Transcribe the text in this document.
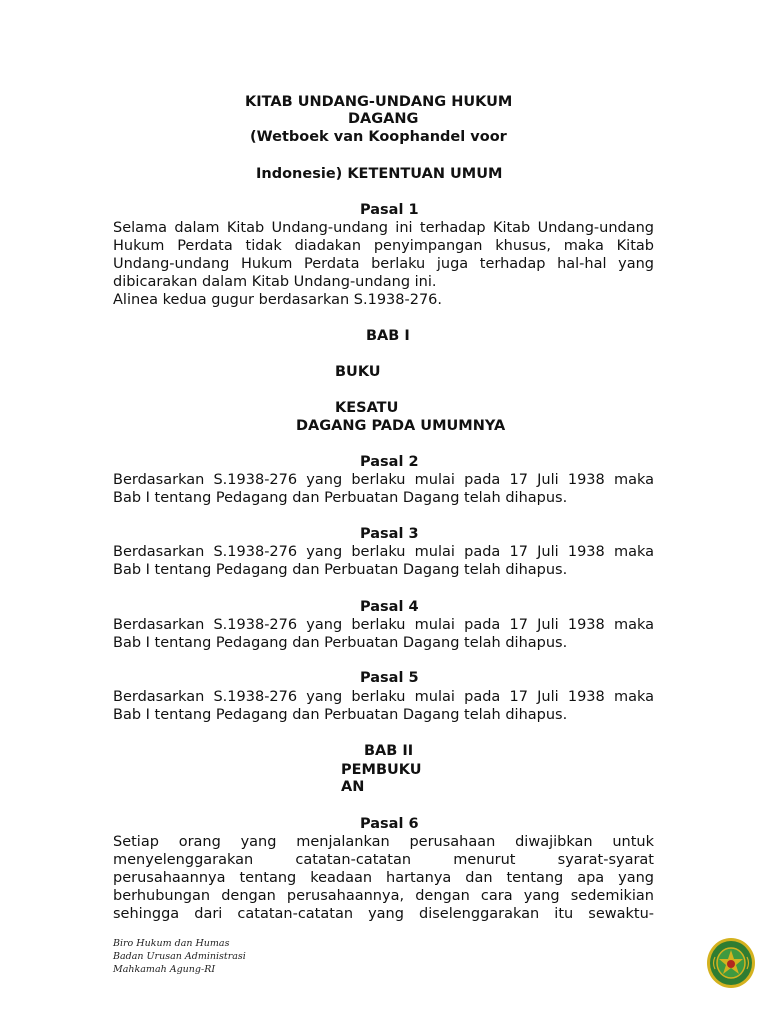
KITAB UNDANG-UNDANG HUKUM
DAGANG
(Wetboek van Koophandel voor
Indonesie) KETENTUAN UMUM
Pasal 1
Selama dalam Kitab Undang-undang ini terhadap Kitab Undang-undang
Hukum Perdata tidak diadakan penyimpangan khusus, maka Kitab
Undang-undang Hukum Perdata berlaku juga terhadap hal-hal yang
dibicarakan dalam Kitab Undang-undang ini.
Alinea kedua gugur berdasarkan S.1938-276.
BAB I
BUKU
KESATU
DAGANG PADA UMUMNYA
Pasal 2
Berdasarkan S.1938-276 yang berlaku mulai pada 17 Juli 1938 maka
Bab I tentang Pedagang dan Perbuatan Dagang telah dihapus.
Pasal 3
Berdasarkan S.1938-276 yang berlaku mulai pada 17 Juli 1938 maka
Bab I tentang Pedagang dan Perbuatan Dagang telah dihapus.
Pasal 4
Berdasarkan S.1938-276 yang berlaku mulai pada 17 Juli 1938 maka
Bab I tentang Pedagang dan Perbuatan Dagang telah dihapus.
Pasal 5
Berdasarkan S.1938-276 yang berlaku mulai pada 17 Juli 1938 maka
Bab I tentang Pedagang dan Perbuatan Dagang telah dihapus.
BAB II
PEMBUKU
AN
Pasal 6
Setiap orang yang menjalankan perusahaan diwajibkan untuk
menyelenggarakan catatan-catatan menurut syarat-syarat
perusahaannya tentang keadaan hartanya dan tentang apa yang
berhubungan dengan perusahaannya, dengan cara yang sedemikian
sehingga dari catatan-catatan yang diselenggarakan itu sewaktu-
Biro Hukum dan Humas
Badan Urusan Administrasi
Mahkamah Agung-RI
